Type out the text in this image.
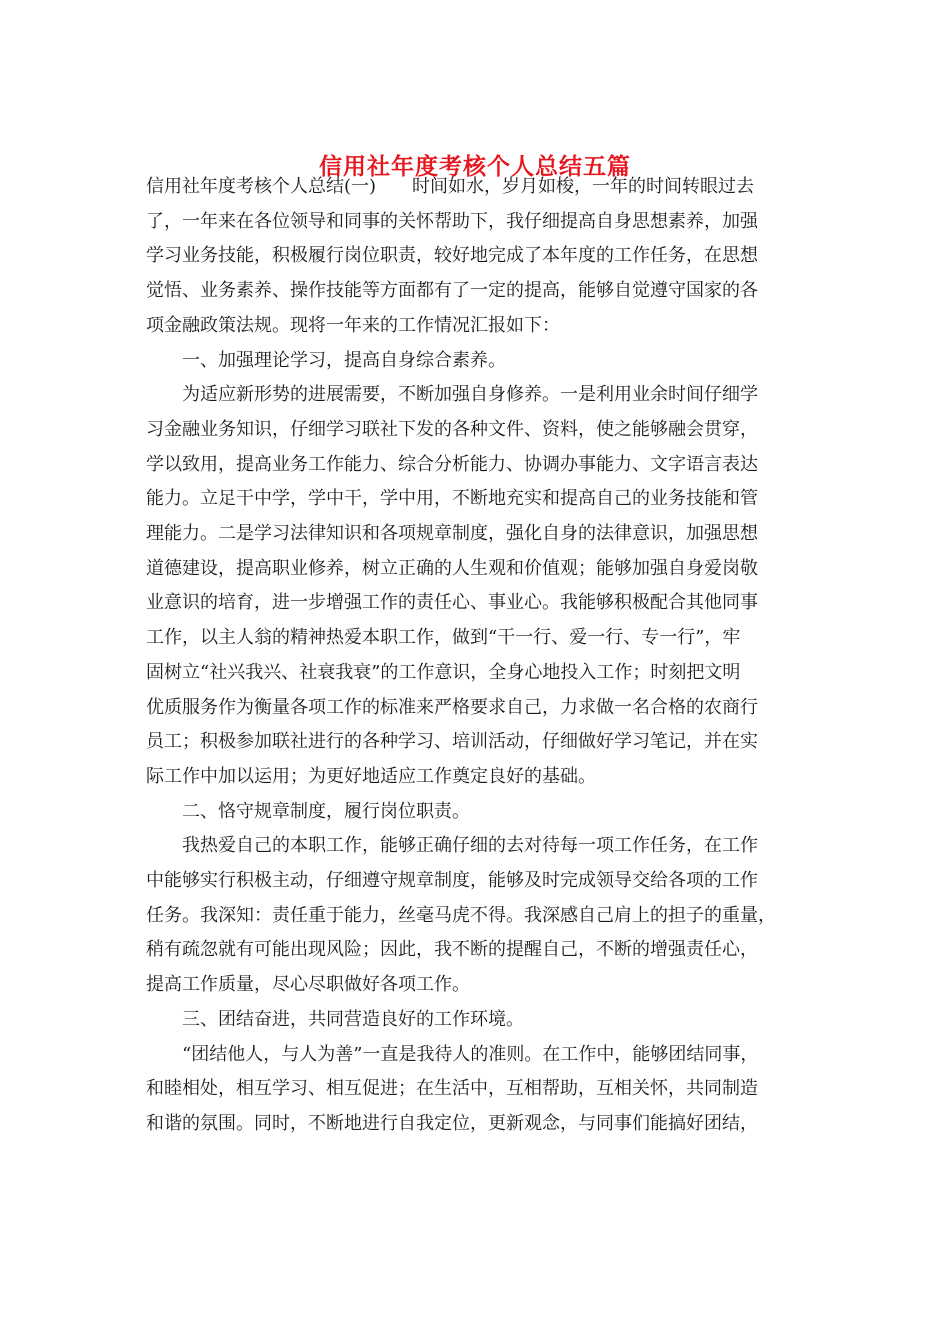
信用社年度考核个人总结五篇
信用社年度考核个人总结(一)　　时间如水，岁月如梭，一年的时间转眼过去
了，一年来在各位领导和同事的关怀帮助下，我仔细提高自身思想素养，加强
学习业务技能，积极履行岗位职责，较好地完成了本年度的工作任务，在思想
觉悟、业务素养、操作技能等方面都有了一定的提高，能够自觉遵守国家的各
项金融政策法规。现将一年来的工作情况汇报如下：
　　一、加强理论学习，提高自身综合素养。
　　为适应新形势的进展需要，不断加强自身修养。一是利用业余时间仔细学
习金融业务知识，仔细学习联社下发的各种文件、资料，使之能够融会贯穿，
学以致用，提高业务工作能力、综合分析能力、协调办事能力、文字语言表达
能力。立足干中学，学中干，学中用，不断地充实和提高自己的业务技能和管
理能力。二是学习法律知识和各项规章制度，强化自身的法律意识，加强思想
道德建设，提高职业修养，树立正确的人生观和价值观；能够加强自身爱岗敬
业意识的培育，进一步增强工作的责任心、事业心。我能够积极配合其他同事
工作，以主人翁的精神热爱本职工作，做到“干一行、爱一行、专一行”，牢
固树立“社兴我兴、社衰我衰”的工作意识，全身心地投入工作；时刻把文明
优质服务作为衡量各项工作的标准来严格要求自己，力求做一名合格的农商行
员工；积极参加联社进行的各种学习、培训活动，仔细做好学习笔记，并在实
际工作中加以运用；为更好地适应工作奠定良好的基础。
　　二、恪守规章制度，履行岗位职责。
　　我热爱自己的本职工作，能够正确仔细的去对待每一项工作任务，在工作
中能够实行积极主动，仔细遵守规章制度，能够及时完成领导交给各项的工作
任务。我深知：责任重于能力，丝毫马虎不得。我深感自己肩上的担子的重量，
稍有疏忽就有可能出现风险；因此，我不断的提醒自己，不断的增强责任心，
提高工作质量，尽心尽职做好各项工作。
　　三、团结奋进，共同营造良好的工作环境。
　　“团结他人，与人为善”一直是我待人的准则。在工作中，能够团结同事，
和睦相处，相互学习、相互促进；在生活中，互相帮助，互相关怀，共同制造
和谐的氛围。同时，不断地进行自我定位，更新观念，与同事们能搞好团结，
